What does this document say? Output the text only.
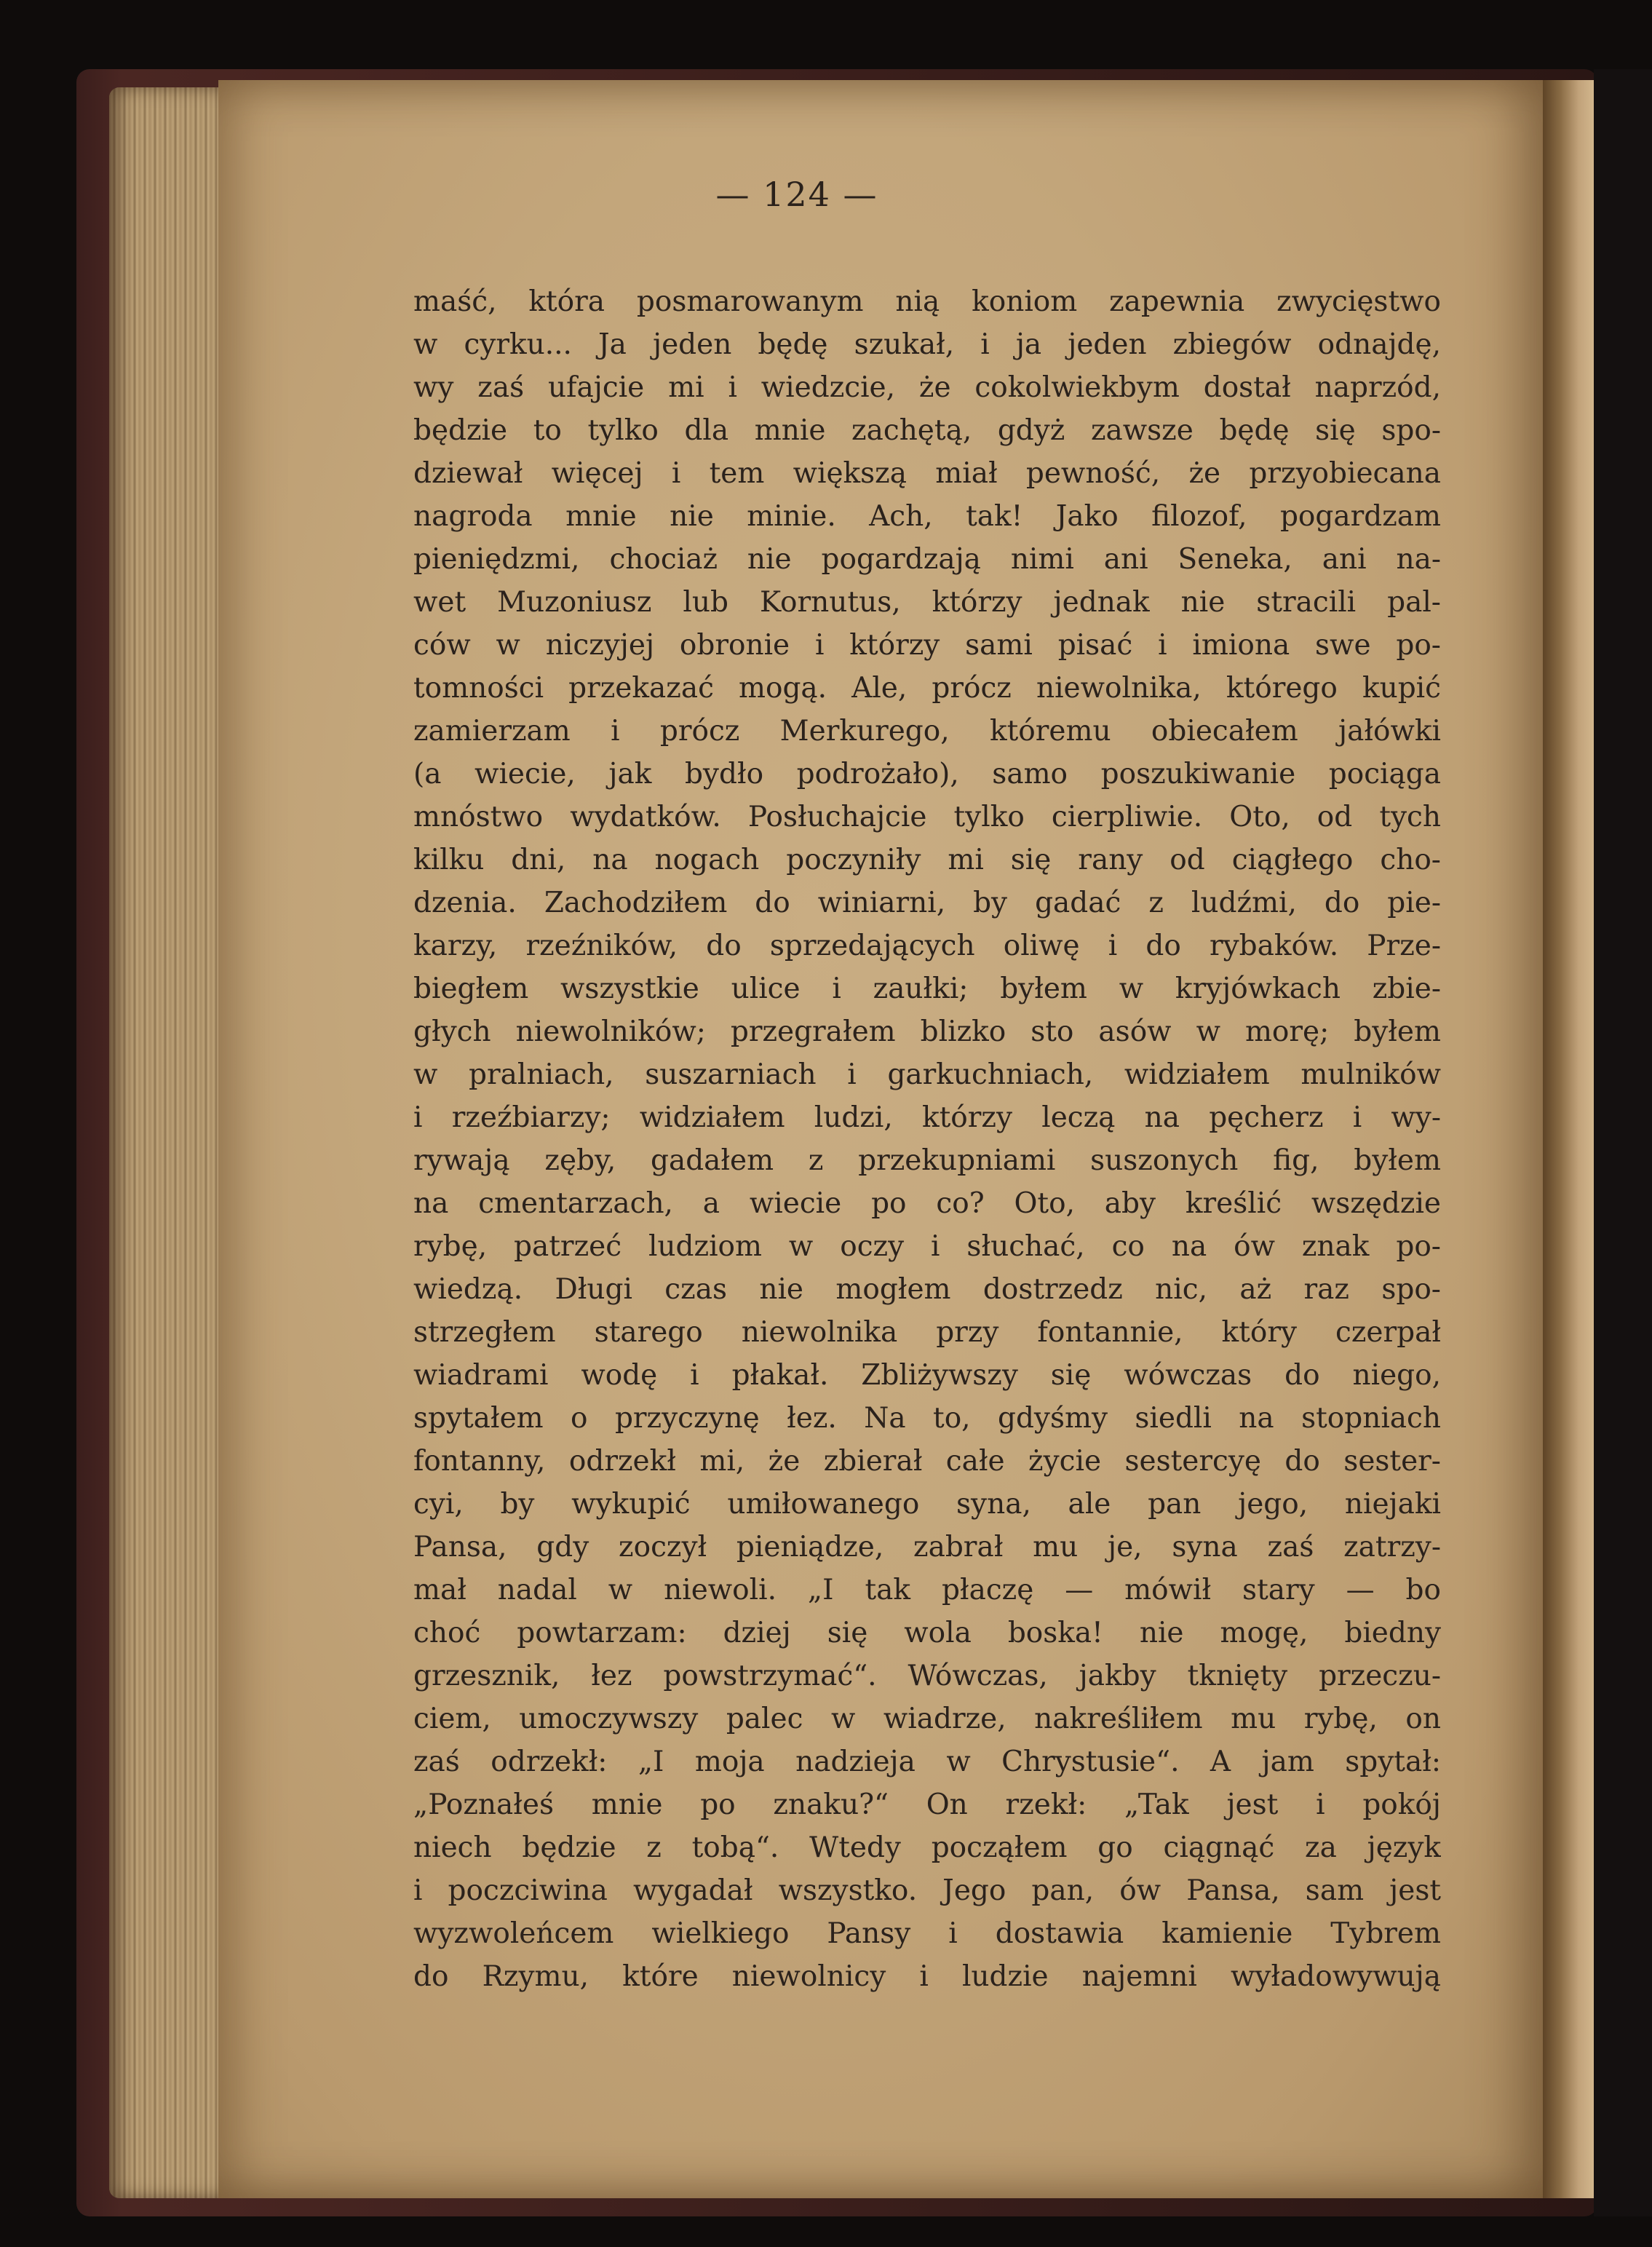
— 124 —
maść, która posmarowanym nią koniom zapewnia zwycięstwo
w cyrku... Ja jeden będę szukał, i ja jeden zbiegów odnajdę,
wy zaś ufajcie mi i wiedzcie, że cokolwiekbym dostał naprzód,
będzie to tylko dla mnie zachętą, gdyż zawsze będę się spo-
dziewał więcej i tem większą miał pewność, że przyobiecana
nagroda mnie nie minie. Ach, tak! Jako filozof, pogardzam
pieniędzmi, chociaż nie pogardzają nimi ani Seneka, ani na-
wet Muzoniusz lub Kornutus, którzy jednak nie stracili pal-
ców w niczyjej obronie i którzy sami pisać i imiona swe po-
tomności przekazać mogą. Ale, prócz niewolnika, którego kupić
zamierzam i prócz Merkurego, któremu obiecałem jałówki
(a wiecie, jak bydło podrożało), samo poszukiwanie pociąga
mnóstwo wydatków. Posłuchajcie tylko cierpliwie. Oto, od tych
kilku dni, na nogach poczyniły mi się rany od ciągłego cho-
dzenia. Zachodziłem do winiarni, by gadać z ludźmi, do pie-
karzy, rzeźników, do sprzedających oliwę i do rybaków. Prze-
biegłem wszystkie ulice i zaułki; byłem w kryjówkach zbie-
głych niewolników; przegrałem blizko sto asów w morę; byłem
w pralniach, suszarniach i garkuchniach, widziałem mulników
i rzeźbiarzy; widziałem ludzi, którzy leczą na pęcherz i wy-
rywają zęby, gadałem z przekupniami suszonych fig, byłem
na cmentarzach, a wiecie po co? Oto, aby kreślić wszędzie
rybę, patrzeć ludziom w oczy i słuchać, co na ów znak po-
wiedzą. Długi czas nie mogłem dostrzedz nic, aż raz spo-
strzegłem starego niewolnika przy fontannie, który czerpał
wiadrami wodę i płakał. Zbliżywszy się wówczas do niego,
spytałem o przyczynę łez. Na to, gdyśmy siedli na stopniach
fontanny, odrzekł mi, że zbierał całe życie sestercyę do sester-
cyi, by wykupić umiłowanego syna, ale pan jego, niejaki
Pansa, gdy zoczył pieniądze, zabrał mu je, syna zaś zatrzy-
mał nadal w niewoli. „I tak płaczę — mówił stary — bo
choć powtarzam: dziej się wola boska! nie mogę, biedny
grzesznik, łez powstrzymać“. Wówczas, jakby tknięty przeczu-
ciem, umoczywszy palec w wiadrze, nakreśliłem mu rybę, on
zaś odrzekł: „I moja nadzieja w Chrystusie“. A jam spytał:
„Poznałeś mnie po znaku?“ On rzekł: „Tak jest i pokój
niech będzie z tobą“. Wtedy począłem go ciągnąć za język
i poczciwina wygadał wszystko. Jego pan, ów Pansa, sam jest
wyzwoleńcem wielkiego Pansy i dostawia kamienie Tybrem
do Rzymu, które niewolnicy i ludzie najemni wyładowywują
